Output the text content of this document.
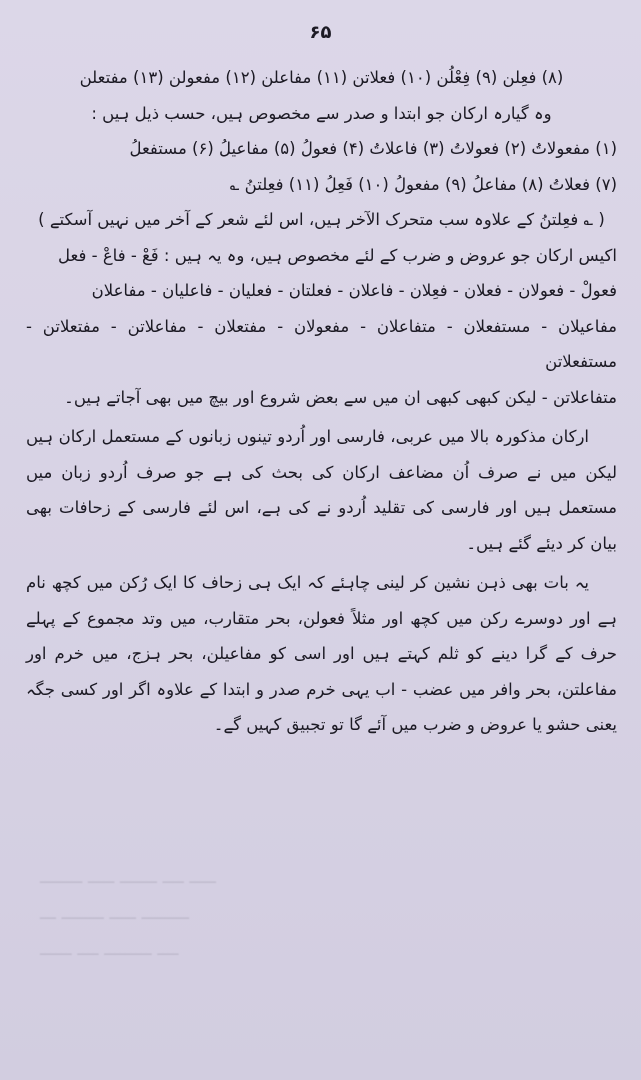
ــــــــ ـــــ ـــــــ ــــ ـــــ
ـــ ــــــــ ـــــ ـــــــــ
ــــــ ــــ ـــــــــ ــــ
۶۵

(۸) فعِلن (۹) فِعْلُن (۱۰) فعلاتن (۱۱) مفاعلن (۱۲) مفعولن (۱۳) مفتعلن

وہ گیارہ ارکان جو ابتدا و صدر سے مخصوص ہیں، حسب ذیل ہیں :

(۱) مفعولاتُ (۲) فعولاتُ (۳) فاعلاتُ (۴) فعولُ (۵) مفاعیلُ (۶) مستفعلُ

(۷) فعلاتُ (۸) مفاعلُ (۹) مفعولُ (۱۰) فَعِلُ (۱۱) فعِلتنُ ؎

( ؎ فعِلتنُ کے علاوہ سب متحرک الآخر ہیں، اس لئے شعر کے آخر میں نہیں آسکتے )

اکیس ارکان جو عروض و ضرب کے لئے مخصوص ہیں، وہ یہ ہیں : فَعْ - فاعْ - فعل

فعولْ - فعولان - فعلان - فعِلان - فاعلان - فعلتان - فعلیان - فاعلیان - مفاعلان

مفاعیلان - مستفعلان - متفاعلان - مفعولان - مفتعلان - مفاعلاتن - مفتعلاتن - مستفعلاتن

متفاعلاتن - لیکن کبھی کبھی ان میں سے بعض شروع اور بیچ میں بھی آجاتے ہیں۔

ارکان مذکورہ بالا میں عربی، فارسی اور اُردو تینوں زبانوں کے مستعمل ارکان ہیں لیکن میں نے صرف اُن مضاعف ارکان کی بحث کی ہے جو صرف اُردو زبان میں مستعمل ہیں اور فارسی کی تقلید اُردو نے کی ہے، اس لئے فارسی کے زحافات بھی بیان کر دیئے گئے ہیں۔

یہ بات بھی ذہن نشین کر لینی چاہئے کہ ایک ہی زحاف کا ایک رُکن میں کچھ نام ہے اور دوسرے رکن میں کچھ اور مثلاً فعولن، بحر متقارب، میں وتد مجموع کے پہلے حرف کے گرا دینے کو ثلم کہتے ہیں اور اسی کو مفاعیلن، بحر ہزج، میں خرم اور مفاعلتن، بحر وافر میں عضب - اب یہی خرم صدر و ابتدا کے علاوہ اگر اور کسی جگہ یعنی حشو یا عروض و ضرب میں آئے گا تو تجبیق کہیں گے۔
